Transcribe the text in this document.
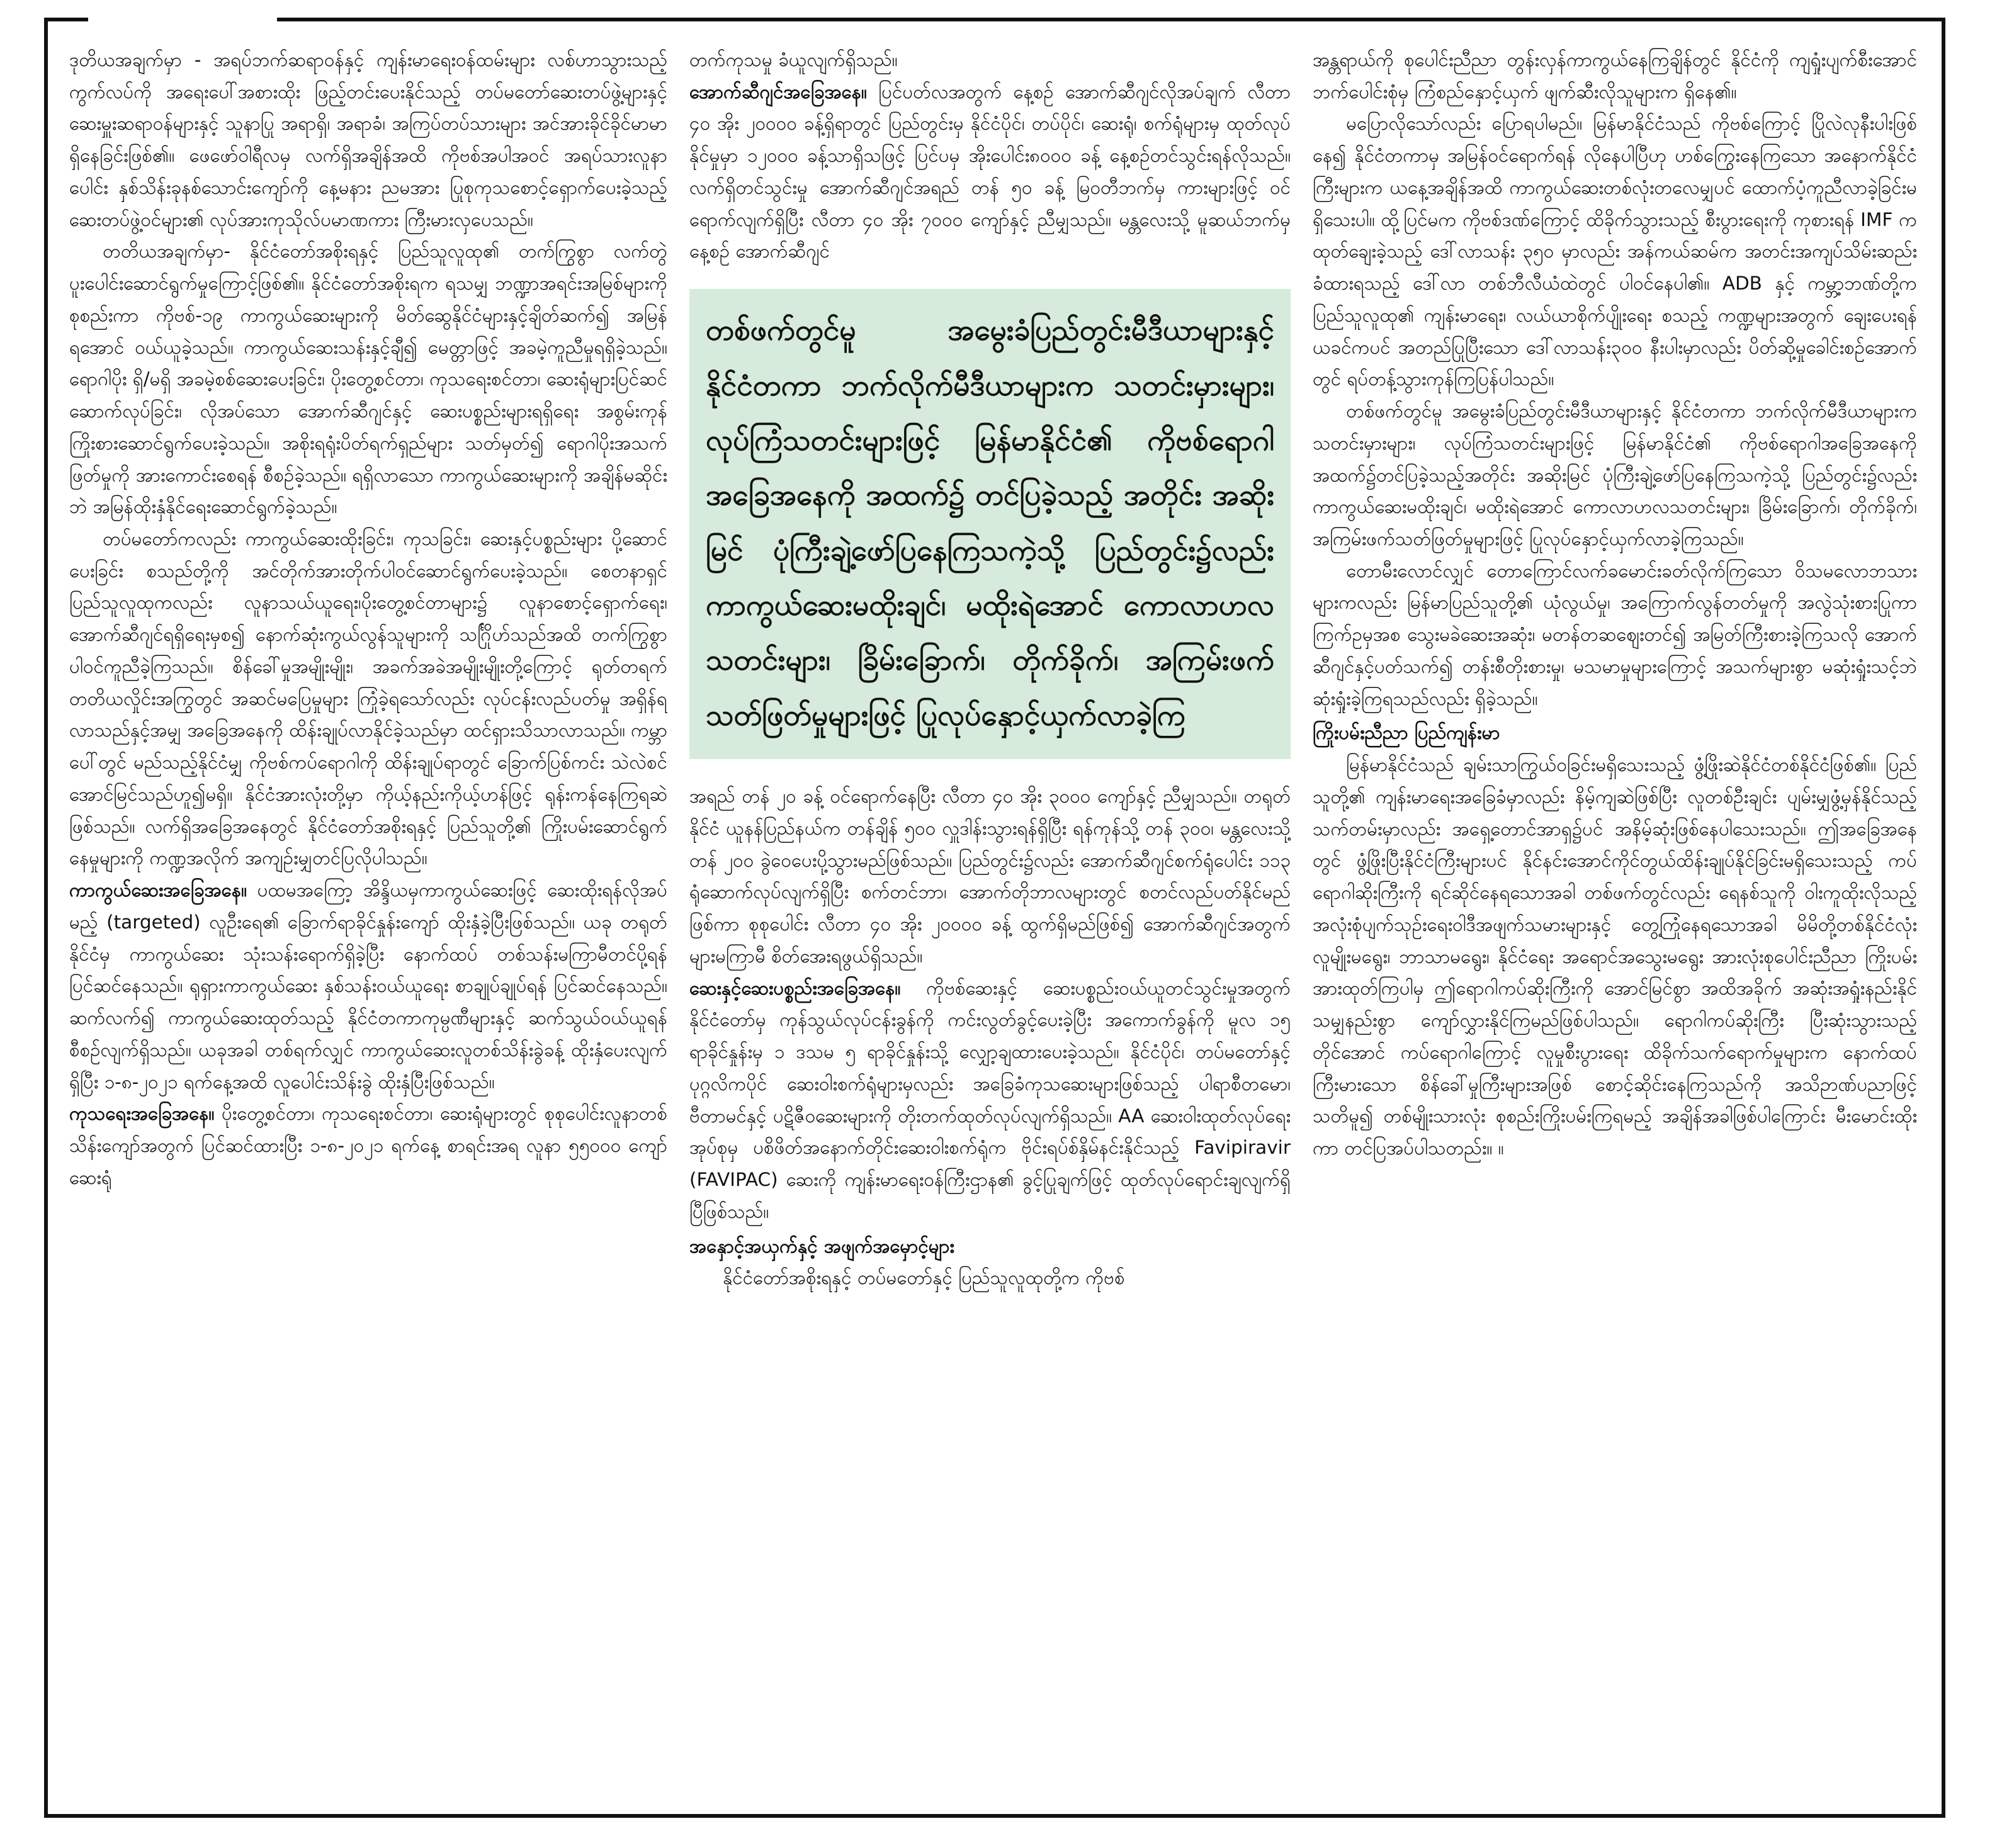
ဒုတိယအချက်မှာ - အရပ်ဘက်ဆရာဝန်နှင့် ကျန်းမာရေးဝန်ထမ်းများ လစ်ဟာသွားသည့်ကွက်လပ်ကို အရေးပေါ်အစားထိုး ဖြည့်တင်းပေးနိုင်သည့် တပ်မတော်ဆေးတပ်ဖွဲ့များနှင့် ဆေးမှူးဆရာဝန်များနှင့် သူနာပြု အရာရှိ၊ အရာခံ၊ အကြပ်တပ်သားများ အင်အားခိုင်ခိုင်မာမာ ရှိနေခြင်းဖြစ်၏။ ဖေဖော်ဝါရီလမှ လက်ရှိအချိန်အထိ ကိုဗစ်အပါအဝင် အရပ်သားလူနာပေါင်း နှစ်သိန်းခုနစ်သောင်းကျော်ကို နေ့မနား ညမအား ပြုစုကုသစောင့်ရှောက်ပေးခဲ့သည့် ဆေးတပ်ဖွဲ့ဝင်များ၏ လုပ်အားကုသိုလ်ပမာဏကား ကြီးမားလှပေသည်။

တတိယအချက်မှာ- နိုင်ငံတော်အစိုးရနှင့် ပြည်သူလူထု၏ တက်ကြွစွာ လက်တွဲပူးပေါင်းဆောင်ရွက်မှုကြောင့်ဖြစ်၏။ နိုင်ငံတော်အစိုးရက ရသမျှ ဘဏ္ဍာအရင်းအမြစ်များကို စုစည်းကာ ကိုဗစ်-၁၉ ကာကွယ်ဆေးများကို မိတ်ဆွေနိုင်ငံများနှင့်ချိတ်ဆက်၍ အမြန်ရအောင် ဝယ်ယူခဲ့သည်။ ကာကွယ်ဆေးသန်းနှင့်ချီ၍ မေတ္တာဖြင့် အခမဲ့ကူညီမှုရရှိခဲ့သည်။ ရောဂါပိုး ရှိ/မရှိ အခမဲ့စစ်ဆေးပေးခြင်း၊ ပိုးတွေ့စင်တာ၊ ကုသရေးစင်တာ၊ ဆေးရုံများပြင်ဆင်ဆောက်လုပ်ခြင်း၊ လိုအပ်သော အောက်ဆီဂျင်နှင့် ဆေးပစ္စည်းများရရှိရေး အစွမ်းကုန် ကြိုးစားဆောင်ရွက်ပေးခဲ့သည်။ အစိုးရရုံးပိတ်ရက်ရှည်များ သတ်မှတ်၍ ရောဂါပိုးအသက်ဖြတ်မှုကို အားကောင်းစေရန် စီစဉ်ခဲ့သည်။ ရရှိလာသော ကာကွယ်ဆေးများကို အချိန်မဆိုင်းဘဲ အမြန်ထိုးနှံနိုင်ရေးဆောင်ရွက်ခဲ့သည်။

တပ်မတော်ကလည်း ကာကွယ်ဆေးထိုးခြင်း၊ ကုသခြင်း၊ ဆေးနှင့်ပစ္စည်းများ ပို့ဆောင်ပေးခြင်း စသည်တို့ကို အင်တိုက်အားတိုက်ပါဝင်ဆောင်ရွက်ပေးခဲ့သည်။ စေတနာရှင်ပြည်သူလူထုကလည်း လူနာသယ်ယူရေး၊ပိုးတွေ့စင်တာများ၌ လူနာစောင့်ရှောက်ရေး၊ အောက်ဆီဂျင်ရရှိရေးမှစ၍ နောက်ဆုံးကွယ်လွန်သူများကို သင်္ဂြိုဟ်သည်အထိ တက်ကြွစွာ ပါဝင်ကူညီခဲ့ကြသည်။ စိန်ခေါ်မှုအမျိုးမျိုး၊ အခက်အခဲအမျိုးမျိုးတို့ကြောင့် ရုတ်တရက်တတိယလှိုင်းအကြွတွင် အဆင်မပြေမှုများ ကြုံခဲ့ရသော်လည်း လုပ်ငန်းလည်ပတ်မှု အရှိန်ရလာသည်နှင့်အမျှ အခြေအနေကို ထိန်းချုပ်လာနိုင်ခဲ့သည်မှာ ထင်ရှားသိသာလာသည်။ ကမ္ဘာပေါ်တွင် မည်သည့်နိုင်ငံမျှ ကိုဗစ်ကပ်ရောဂါကို ထိန်းချုပ်ရာတွင် ခြောက်ပြစ်ကင်း သဲလဲစင်အောင်မြင်သည်ဟူ၍မရှိ။ နိုင်ငံအားလုံးတို့မှာ ကိုယ့်နည်းကိုယ့်ဟန်ဖြင့် ရုန်းကန်နေကြရဆဲဖြစ်သည်။ လက်ရှိအခြေအနေတွင် နိုင်ငံတော်အစိုးရနှင့် ပြည်သူတို့၏ ကြိုးပမ်းဆောင်ရွက်နေမှုများကို ကဏ္ဍအလိုက် အကျဉ်းမျှတင်ပြလိုပါသည်။

ကာကွယ်ဆေးအခြေအနေ။ ပထမအကြော့ အိန္ဒိယမှကာကွယ်ဆေးဖြင့် ဆေးထိုးရန်လိုအပ်မည့် (targeted) လူဦးရေ၏ ခြောက်ရာခိုင်နှုန်းကျော် ထိုးနှံခဲ့ပြီးဖြစ်သည်။ ယခု တရုတ်နိုင်ငံမှ ကာကွယ်ဆေး သုံးသန်းရောက်ရှိခဲ့ပြီး နောက်ထပ် တစ်သန်းမကြာမီတင်ပို့ရန် ပြင်ဆင်နေသည်။ ရုရှားကာကွယ်ဆေး နှစ်သန်းဝယ်ယူရေး စာချုပ်ချုပ်ရန် ပြင်ဆင်နေသည်။ ဆက်လက်၍ ကာကွယ်ဆေးထုတ်သည့် နိုင်ငံတကာကုမ္ပဏီများနှင့် ဆက်သွယ်ဝယ်ယူရန် စီစဉ်လျက်ရှိသည်။ ယခုအခါ တစ်ရက်လျှင် ကာကွယ်ဆေးလူတစ်သိန်းခွဲခန့် ထိုးနှံပေးလျက်ရှိပြီး ၁-၈-၂၀၂၁ ရက်နေ့အထိ လူပေါင်းသိန်းခွဲ ထိုးနှံပြီးဖြစ်သည်။

ကုသရေးအခြေအနေ။ ပိုးတွေ့စင်တာ၊ ကုသရေးစင်တာ၊ ဆေးရုံများတွင် စုစုပေါင်းလူနာတစ်သိန်းကျော်အတွက် ပြင်ဆင်ထားပြီး ၁-၈-၂၀၂၁ ရက်နေ့ စာရင်းအရ လူနာ ၅၅၀၀၀ ကျော် ဆေးရုံ

တက်ကုသမှု ခံယူလျက်ရှိသည်။

အောက်ဆီဂျင်အခြေအနေ။ ပြင်ပတ်လအတွက် နေ့စဉ် အောက်ဆီဂျင်လိုအပ်ချက် လီတာ ၄၀ အိုး ၂၀၀၀၀ ခန့်ရှိရာတွင် ပြည်တွင်းမှ နိုင်ငံပိုင်၊ တပ်ပိုင်၊ ဆေးရုံ၊ စက်ရုံများမှ ထုတ်လုပ်နိုင်မှုမှာ ၁၂၀၀၀ ခန့်သာရှိသဖြင့် ပြင်ပမှ အိုးပေါင်း၈၀၀၀ ခန့် နေ့စဉ်တင်သွင်းရန်လိုသည်။ လက်ရှိတင်သွင်းမှု အောက်ဆီဂျင်အရည် တန် ၅၀ ခန့် မြဝတီဘက်မှ ကားများဖြင့် ဝင်ရောက်လျက်ရှိပြီး လီတာ ၄၀ အိုး ၇၀၀၀ ကျော်နှင့် ညီမျှသည်။ မန္တလေးသို့ မူဆယ်ဘက်မှ နေ့စဉ် အောက်ဆီဂျင်

တစ်ဖက်တွင်မူ အမွေးခံပြည်တွင်းမီဒီယာများနှင့် နိုင်ငံတကာ ဘက်လိုက်မီဒီယာများက သတင်းမှားများ၊ လုပ်ကြံသတင်းများဖြင့် မြန်မာနိုင်ငံ၏ ကိုဗစ်ရောဂါအခြေအနေကို အထက်၌ တင်ပြခဲ့သည့် အတိုင်း အဆိုးမြင် ပုံကြီးချဲ့ဖော်ပြနေကြသကဲ့သို့ ပြည်တွင်း၌လည်း ကာကွယ်ဆေးမထိုးချင်၊ မထိုးရဲအောင် ကောလာဟလသတင်းများ၊ ခြိမ်းခြောက်၊ တိုက်ခိုက်၊ အကြမ်းဖက်သတ်ဖြတ်မှုများဖြင့် ပြုလုပ်နှောင့်ယှက်လာခဲ့ကြ

အရည် တန် ၂၀ ခန့် ဝင်ရောက်နေပြီး လီတာ ၄၀ အိုး ၃၀၀၀ ကျော်နှင့် ညီမျှသည်။ တရုတ်နိုင်ငံ ယူနန်ပြည်နယ်က တန်ချိန် ၅၀၀ လှူဒါန်းသွားရန်ရှိပြီး ရန်ကုန်သို့ တန် ၃၀၀၊ မန္တလေးသို့ တန် ၂၀၀ ခွဲဝေပေးပို့သွားမည်ဖြစ်သည်။ ပြည်တွင်း၌လည်း အောက်ဆီဂျင်စက်ရုံပေါင်း ၁၁၃ ရုံဆောက်လုပ်လျက်ရှိပြီး စက်တင်ဘာ၊ အောက်တိုဘာလများတွင် စတင်လည်ပတ်နိုင်မည်ဖြစ်ကာ စုစုပေါင်း လီတာ ၄၀ အိုး ၂၀၀၀၀ ခန့် ထွက်ရှိမည်ဖြစ်၍ အောက်ဆီဂျင်အတွက် များမကြာမီ စိတ်အေးရဖွယ်ရှိသည်။

ဆေးနှင့်ဆေးပစ္စည်းအခြေအနေ။ ကိုဗစ်ဆေးနှင့် ဆေးပစ္စည်းဝယ်ယူတင်သွင်းမှုအတွက် နိုင်ငံတော်မှ ကုန်သွယ်လုပ်ငန်းခွန်ကို ကင်းလွတ်ခွင့်ပေးခဲ့ပြီး အကောက်ခွန်ကို မူလ ၁၅ ရာခိုင်နှုန်းမှ ၁ ဒသမ ၅ ရာခိုင်နှုန်းသို့ လျှော့ချထားပေးခဲ့သည်။ နိုင်ငံပိုင်၊ တပ်မတော်နှင့် ပုဂ္ဂလိကပိုင် ဆေးဝါးစက်ရုံများမှလည်း အခြေခံကုသဆေးများဖြစ်သည့် ပါရာစီတမော၊ ဗီတာမင်နှင့် ပဋိဇီဝဆေးများကို တိုးတက်ထုတ်လုပ်လျက်ရှိသည်။ AA ဆေးဝါးထုတ်လုပ်ရေးအုပ်စုမှ ပစိဖိတ်အနောက်တိုင်းဆေးဝါးစက်ရုံက ဗိုင်းရပ်စ်နှိမ်နင်းနိုင်သည့် Favipiravir (FAVIPAC) ဆေးကို ကျန်းမာရေးဝန်ကြီးဌာန၏ ခွင့်ပြုချက်ဖြင့် ထုတ်လုပ်ရောင်းချလျက်ရှိပြီဖြစ်သည်။

အနှောင့်အယှက်နှင့် အဖျက်အမှောင့်များ

နိုင်ငံတော်အစိုးရနှင့် တပ်မတော်နှင့် ပြည်သူလူထုတို့က ကိုဗစ်

အန္တရာယ်ကို စုပေါင်းညီညာ တွန်းလှန်ကာကွယ်နေကြချိန်တွင် နိုင်ငံကို ကျရှုံးပျက်စီးအောင် ဘက်ပေါင်းစုံမှ ကြံစည်နှောင့်ယှက် ဖျက်ဆီးလိုသူများက ရှိနေ၏။

မပြောလိုသော်လည်း ပြောရပါမည်။ မြန်မာနိုင်ငံသည် ကိုဗစ်ကြောင့် ပြိုလဲလုနီးပါးဖြစ်နေ၍ နိုင်ငံတကာမှ အမြန်ဝင်ရောက်ရန် လိုနေပါပြီဟု ဟစ်ကြွေးနေကြသော အနောက်နိုင်ငံကြီးများက ယနေ့အချိန်အထိ ကာကွယ်ဆေးတစ်လုံးတလေမျှပင် ထောက်ပံ့ကူညီလာခဲ့ခြင်းမရှိသေးပါ။ ထို့ပြင်မက ကိုဗစ်ဒဏ်ကြောင့် ထိခိုက်သွားသည့် စီးပွားရေးကို ကုစားရန် IMF က ထုတ်ချေးခဲ့သည့် ဒေါ်လာသန်း ၃၅၀ မှာလည်း အန်ကယ်ဆမ်က အတင်းအကျပ်သိမ်းဆည်းခံထားရသည့် ဒေါ်လာ တစ်ဘီလီယံထဲတွင် ပါဝင်နေပါ၏။ ADB နှင့် ကမ္ဘာ့ဘဏ်တို့က ပြည်သူလူထု၏ ကျန်းမာရေး၊ လယ်ယာစိုက်ပျိုးရေး စသည့် ကဏ္ဍများအတွက် ချေးပေးရန် ယခင်ကပင် အတည်ပြုပြီးသော ဒေါ်လာသန်း၃၀၀ နီးပါးမှာလည်း ပိတ်ဆို့မှုခေါင်းစဉ်အောက်တွင် ရပ်တန့်သွားကုန်ကြပြန်ပါသည်။

တစ်ဖက်တွင်မူ အမွေးခံပြည်တွင်းမီဒီယာများနှင့် နိုင်ငံတကာ ဘက်လိုက်မီဒီယာများက သတင်းမှားများ၊ လုပ်ကြံသတင်းများဖြင့် မြန်မာနိုင်ငံ၏ ကိုဗစ်ရောဂါအခြေအနေကို အထက်၌တင်ပြခဲ့သည့်အတိုင်း အဆိုးမြင် ပုံကြီးချဲ့ဖော်ပြနေကြသကဲ့သို့ ပြည်တွင်း၌လည်း ကာကွယ်ဆေးမထိုးချင်၊ မထိုးရဲအောင် ကောလာဟလသတင်းများ၊ ခြိမ်းခြောက်၊ တိုက်ခိုက်၊ အကြမ်းဖက်သတ်ဖြတ်မှုများဖြင့် ပြုလုပ်နှောင့်ယှက်လာခဲ့ကြသည်။

တောမီးလောင်လျှင် တောကြောင်လက်ခမောင်းခတ်လိုက်ကြသော ဝိသမလောဘသားများကလည်း မြန်မာပြည်သူတို့၏ ယုံလွယ်မှု၊ အကြောက်လွန်တတ်မှုကို အလွဲသုံးစားပြုကာ ကြက်ဥမှအစ သွေးမခဲဆေးအဆုံး၊ မတန်တဆဈေးတင်၍ အမြတ်ကြီးစားခဲ့ကြသလို အောက်ဆီဂျင်နှင့်ပတ်သက်၍ တန်းစီတိုးစားမှု၊ မသမာမှုများကြောင့် အသက်များစွာ မဆုံးရှုံးသင့်ဘဲ ဆုံးရှုံးခဲ့ကြရသည်လည်း ရှိခဲ့သည်။

ကြိုးပမ်းညီညာ ပြည်ကျန်းမာ

မြန်မာနိုင်ငံသည် ချမ်းသာကြွယ်ဝခြင်းမရှိသေးသည့် ဖွံ့ဖြိုးဆဲနိုင်ငံတစ်နိုင်ငံဖြစ်၏။ ပြည်သူတို့၏ ကျန်းမာရေးအခြေခံမှာလည်း နိမ့်ကျဆဲဖြစ်ပြီး လူတစ်ဦးချင်း ပျမ်းမျှဖွံ့မှန်နိုင်သည့် သက်တမ်းမှာလည်း အရှေ့တောင်အာရှ၌ပင် အနိမ့်ဆုံးဖြစ်နေပါသေးသည်။ ဤအခြေအနေတွင် ဖွံ့ဖြိုးပြီးနိုင်ငံကြီးများပင် နိုင်နင်းအောင်ကိုင်တွယ်ထိန်းချုပ်နိုင်ခြင်းမရှိသေးသည့် ကပ်ရောဂါဆိုးကြီးကို ရင်ဆိုင်နေရသောအခါ တစ်ဖက်တွင်လည်း ရေနစ်သူကို ဝါးကူထိုးလိုသည့် အလုံးစုံပျက်သုဉ်းရေးဝါဒီအဖျက်သမားများနှင့် တွေ့ကြုံနေရသောအခါ မိမိတို့တစ်နိုင်ငံလုံး လူမျိုးမရွေး၊ ဘာသာမရွေး၊ နိုင်ငံရေး အရောင်အသွေးမရွေး အားလုံးစုပေါင်းညီညာ ကြိုးပမ်းအားထုတ်ကြပါမှ ဤရောဂါကပ်ဆိုးကြီးကို အောင်မြင်စွာ အထိအခိုက် အဆုံးအရှုံးနည်းနိုင်သမျှနည်းစွာ ကျော်လွှားနိုင်ကြမည်ဖြစ်ပါသည်။ ရောဂါကပ်ဆိုးကြီး ပြီးဆုံးသွားသည့်တိုင်အောင် ကပ်ရောဂါကြောင့် လူမှုစီးပွားရေး ထိခိုက်သက်ရောက်မှုများက နောက်ထပ်ကြီးမားသော စိန်ခေါ်မှုကြီးများအဖြစ် စောင့်ဆိုင်းနေကြသည်ကို အသိဉာဏ်ပညာဖြင့် သတိမူ၍ တစ်မျိုးသားလုံး စုစည်းကြိုးပမ်းကြရမည့် အချိန်အခါဖြစ်ပါကြောင်း မီးမောင်းထိုးကာ တင်ပြအပ်ပါသတည်း။ ။
